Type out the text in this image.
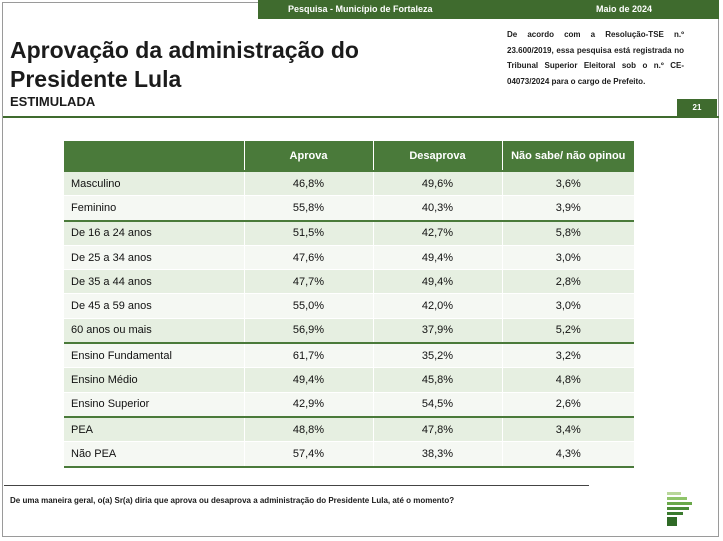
Pesquisa - Município de Fortaleza	Maio de 2024
Aprovação da administração do Presidente Lula
ESTIMULADA
De acordo com a Resolução-TSE n.º 23.600/2019, essa pesquisa está registrada no Tribunal Superior Eleitoral sob o n.º CE-04073/2024 para o cargo de Prefeito.
21
	Aprova	Desaprova	Não sabe/ não opinou
Masculino	46,8%	49,6%	3,6%
Feminino	55,8%	40,3%	3,9%
De 16 a 24 anos	51,5%	42,7%	5,8%
De 25 a 34 anos	47,6%	49,4%	3,0%
De 35 a 44 anos	47,7%	49,4%	2,8%
De 45 a 59 anos	55,0%	42,0%	3,0%
60 anos ou mais	56,9%	37,9%	5,2%
Ensino Fundamental	61,7%	35,2%	3,2%
Ensino Médio	49,4%	45,8%	4,8%
Ensino Superior	42,9%	54,5%	2,6%
PEA	48,8%	47,8%	3,4%
Não PEA	57,4%	38,3%	4,3%
De uma maneira geral, o(a) Sr(a) diria que aprova ou desaprova a administração do Presidente Lula, até o momento?
